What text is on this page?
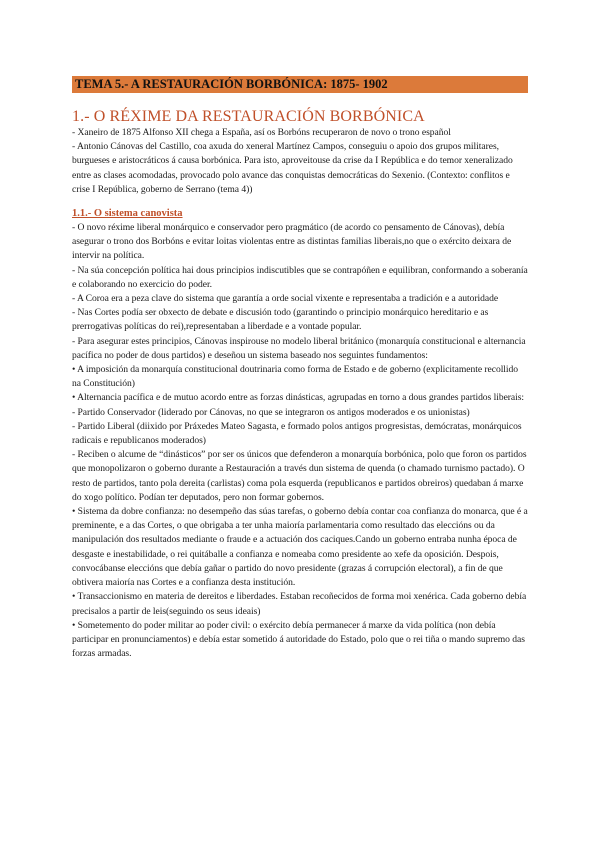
TEMA 5.- A RESTAURACIÓN BORBÓNICA: 1875- 1902
1.- O RÉXIME DA RESTAURACIÓN BORBÓNICA
- Xaneiro de 1875 Alfonso XII chega a España, así os Borbóns recuperaron de novo o trono español
- Antonio Cánovas del Castillo, coa axuda do xeneral Martínez Campos, conseguiu o apoio dos grupos militares, burgueses e aristocráticos á causa borbónica. Para isto, aproveitouse da crise da I República e do temor xeneralizado entre as clases acomodadas, provocado polo avance das conquistas democráticas do Sexenio. (Contexto: conflitos e crise I República, goberno de Serrano (tema 4))
1.1.- O sistema canovista
- O novo réxime liberal monárquico e conservador pero pragmático (de acordo co pensamento de Cánovas), debía asegurar o trono dos Borbóns e evitar loitas violentas entre as distintas familias liberais,no que o exército deixara de intervir na política.
- Na súa concepción política hai dous principios indiscutibles que se contrapóñen e equilibran, conformando a soberanía e colaborando no exercicio do poder.
- A Coroa era a peza clave do sistema que garantía a orde social vixente e representaba a tradición e a autoridade
- Nas Cortes podía ser obxecto de debate e discusión todo (garantindo o principio monárquico hereditario e as prerrogativas políticas do rei),representaban a liberdade e a vontade popular.
- Para asegurar estes principios, Cánovas inspirouse no modelo liberal británico (monarquía constitucional e alternancia pacífica no poder de dous partidos) e deseñou un sistema baseado nos seguintes fundamentos:
• A imposición da monarquía constitucional doutrinaria como forma de Estado e de goberno (explicitamente recollido na Constitución)
• Alternancia pacífica e de mutuo acordo entre as forzas dinásticas, agrupadas en torno a dous grandes partidos liberais:
- Partido Conservador (liderado por Cánovas, no que se integraron os antigos moderados e os unionistas)
- Partido Liberal (diixido por Práxedes Mateo Sagasta, e formado polos antigos progresistas, demócratas, monárquicos radicais e republicanos moderados)
- Reciben o alcume de “dinásticos” por ser os únicos que defenderon a monarquía borbónica, polo que foron os partidos que monopolizaron o goberno durante a Restauración a través dun sistema de quenda (o chamado turnismo pactado). O resto de partidos, tanto pola dereita (carlistas) coma pola esquerda (republicanos e partidos obreiros) quedaban á marxe do xogo político. Podían ter deputados, pero non formar gobernos.
• Sistema da dobre confianza: no desempeño das súas tarefas, o goberno debía contar coa confianza do monarca, que é a preminente, e a das Cortes, o que obrigaba a ter unha maioría parlamentaria como resultado das eleccións ou da manipulación dos resultados mediante o fraude e a actuación dos caciques.Cando un goberno entraba nunha época de desgaste e inestabilidade, o rei quitáballe a confianza e nomeaba como presidente ao xefe da oposición. Despois, convocábanse eleccións que debía gañar o partido do novo presidente (grazas á corrupción electoral), a fin de que obtivera maioría nas Cortes e a confianza desta institución.
• Transaccionismo en materia de dereitos e liberdades. Estaban recoñecidos de forma moi xenérica. Cada goberno debía precisalos a partir de leis(seguindo os seus ideais)
• Sometemento do poder militar ao poder civil: o exército debía permanecer á marxe da vida política (non debía participar en pronunciamentos) e debía estar sometido á autoridade do Estado, polo que o rei tiña o mando supremo das forzas armadas.
